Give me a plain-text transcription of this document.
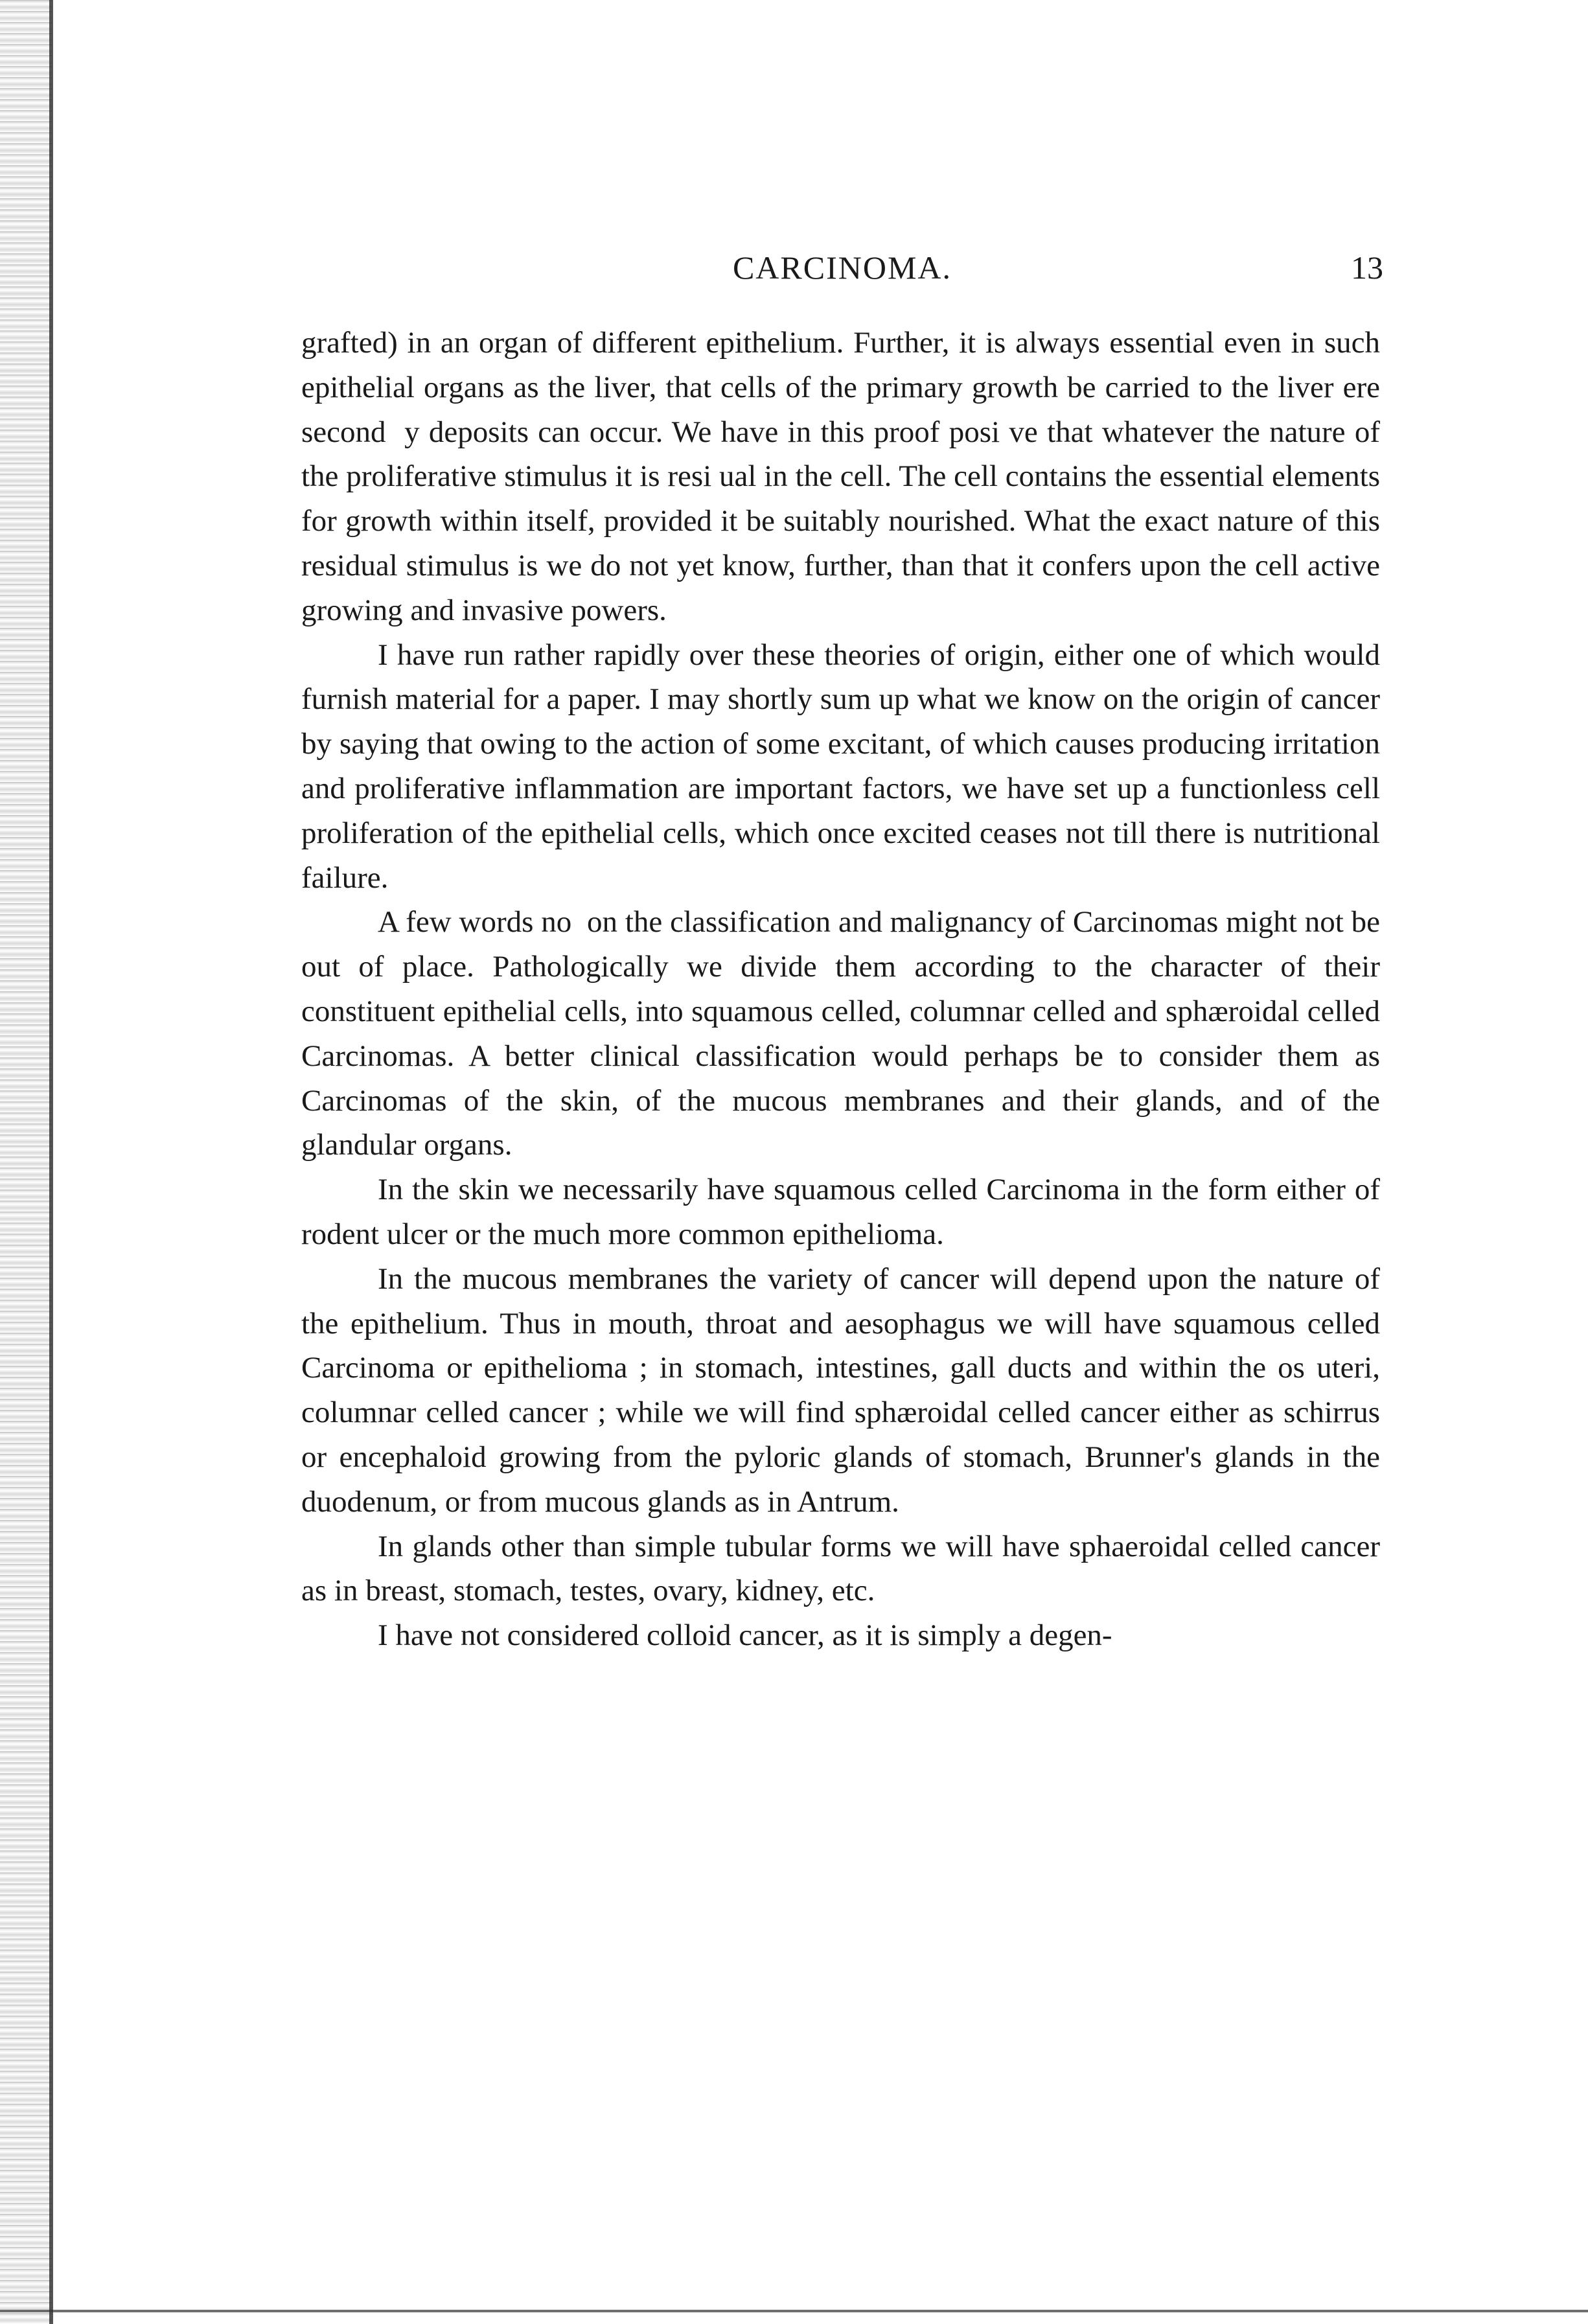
CARCINOMA.	13

grafted) in an organ of different epithelium. Further, it is always essential even in such epithelial organs as the liver, that cells of the primary growth be carried to the liver ere second ⁠ ⁠y deposits can occur. We have in this proof posi⁠ ⁠ve that whatever the nature of the proliferative stimulus it is resi⁠ ⁠ual in the cell. The cell contains the essential elements for growth within itself, provided it be suitably nourished. What the exact nature of this residual stimulus is we do not yet know, further, than that it confers upon the cell active growing and invasive powers.

I have run rather rapidly over these theories of origin, either one of which would furnish material for a paper. I may shortly sum up what we know on the origin of cancer by saying that owing to the action of some excitant, of which causes producing irritation and proliferative inflammation are important factors, we have set up a functionless cell proliferation of the epithelial cells, which once excited ceases not till there is nutritional failure.

A few words no⁠ ⁠ on the classification and malignancy of Carcinomas might not be out of place. Pathologically we divide them according to the character of their constituent epithelial cells, into squamous celled, columnar celled and sphæroidal celled Carcinomas. A better clinical classification would perhaps be to consider them as Carcinomas of the skin, of the mucous membranes and their glands, and of the glandular organs.

In the skin we necessarily have squamous celled Carcinoma in the form either of rodent ulcer or the much more common epithelioma.

In the mucous membranes the variety of cancer will depend upon the nature of the epithelium. Thus in mouth, throat and aesophagus we will have squamous celled Carcinoma or epithelioma ; in stomach, intestines, gall ducts and within the os uteri, columnar celled cancer ; while we will find sphæroidal celled cancer either as schirrus or encephaloid growing from the pyloric glands of stomach, Brunner's glands in the duodenum, or from mucous glands as in Antrum.

In glands other than simple tubular forms we will have sphaeroidal celled cancer as in breast, stomach, testes, ovary, kidney, etc.

I have not considered colloid cancer, as it is simply a degen-
